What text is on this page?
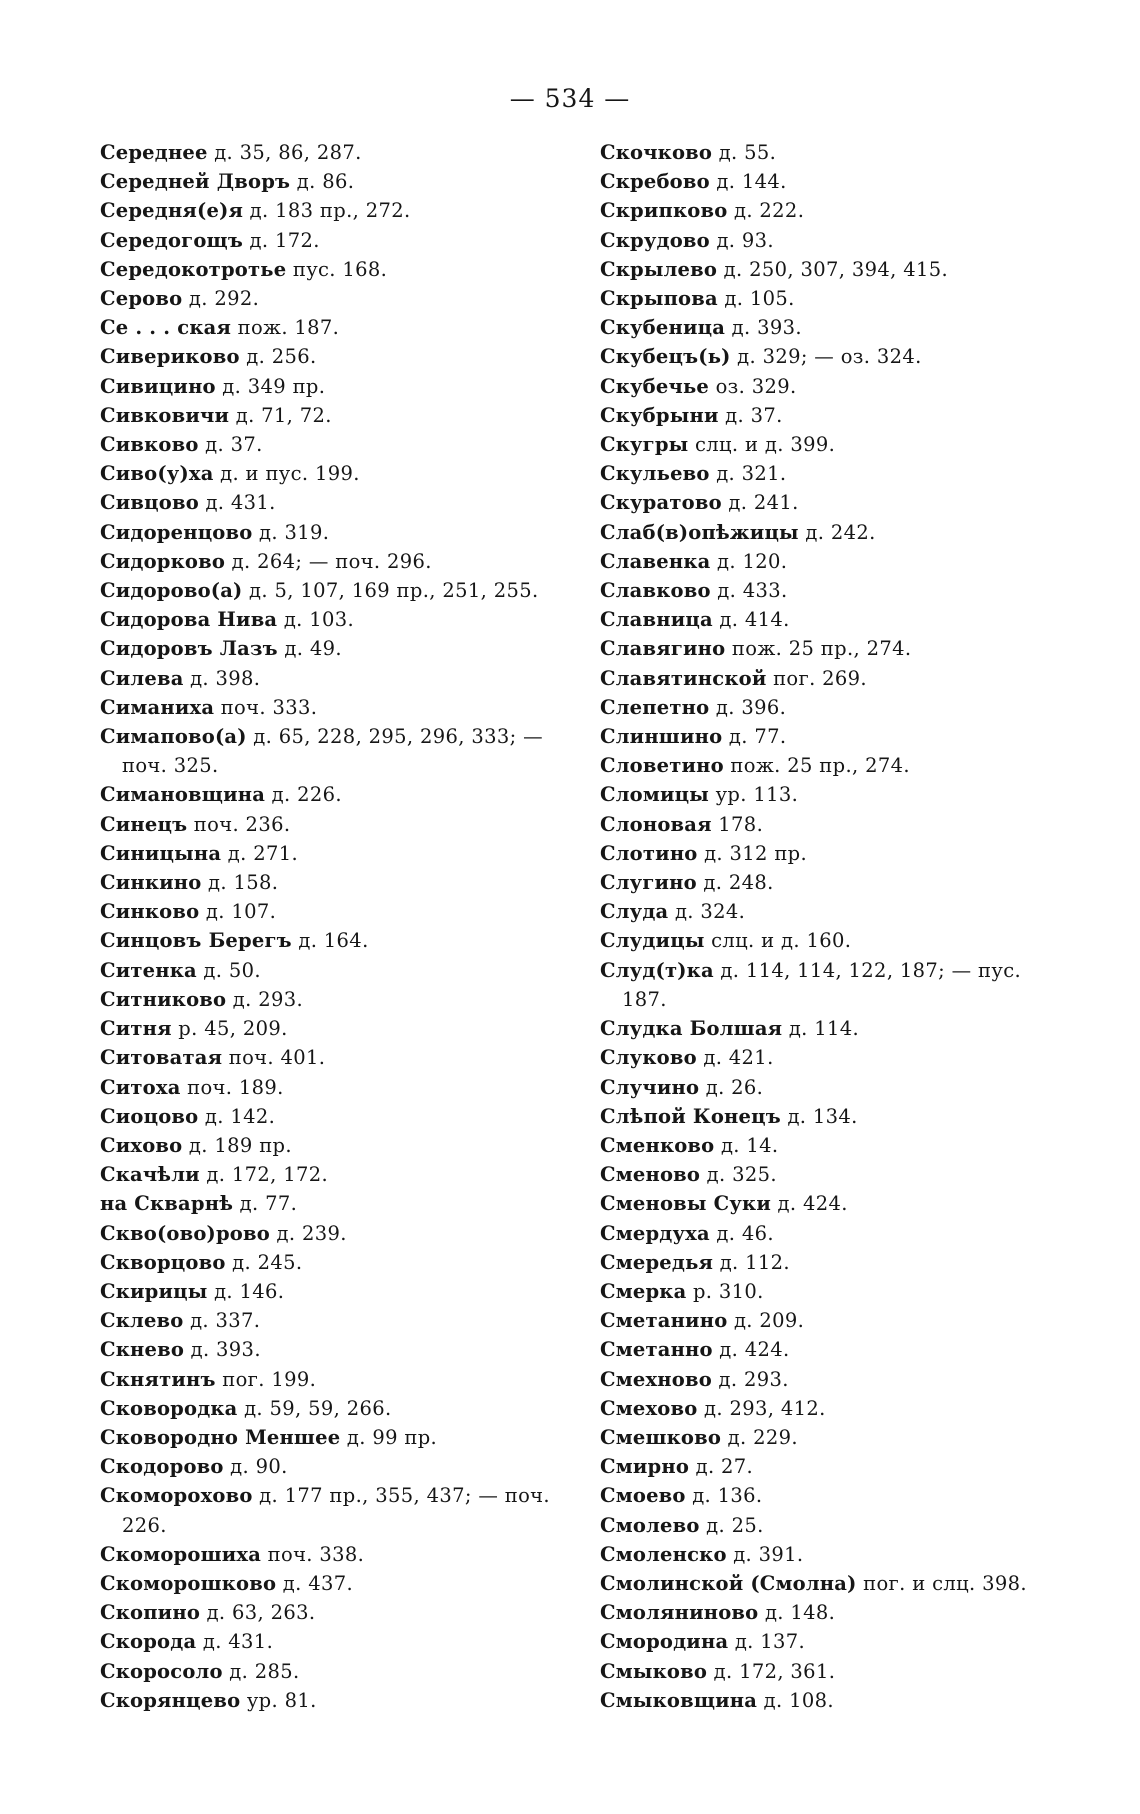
— 534 —
Середнее д. 35, 86, 287.
Середней Дворъ д. 86.
Середня(е)я д. 183 пр., 272.
Середогощъ д. 172.
Середокотротье пус. 168.
Серово д. 292.
Се . . . ская пож. 187.
Сивериково д. 256.
Сивицино д. 349 пр.
Сивковичи д. 71, 72.
Сивково д. 37.
Сиво(у)ха д. и пус. 199.
Сивцово д. 431.
Сидоренцово д. 319.
Сидорково д. 264; — поч. 296.
Сидорово(а) д. 5, 107, 169 пр., 251, 255.
Сидорова Нива д. 103.
Сидоровъ Лазъ д. 49.
Силева д. 398.
Симаниха поч. 333.
Симапово(а) д. 65, 228, 295, 296, 333; — поч. 325.
Симановщина д. 226.
Синецъ поч. 236.
Синицына д. 271.
Синкино д. 158.
Синково д. 107.
Синцовъ Берегъ д. 164.
Ситенка д. 50.
Ситниково д. 293.
Ситня р. 45, 209.
Ситоватая поч. 401.
Ситоха поч. 189.
Сиоцово д. 142.
Сихово д. 189 пр.
Скачѣли д. 172, 172.
на Скварнѣ д. 77.
Скво(ово)рово д. 239.
Скворцово д. 245.
Скирицы д. 146.
Склево д. 337.
Скнево д. 393.
Скнятинъ пог. 199.
Сковородка д. 59, 59, 266.
Сковородно Меншее д. 99 пр.
Скодорово д. 90.
Скоморохово д. 177 пр., 355, 437; — поч. 226.
Скоморошиха поч. 338.
Скоморошково д. 437.
Скопино д. 63, 263.
Скорода д. 431.
Скоросоло д. 285.
Скорянцево ур. 81.
Скочково д. 55.
Скребово д. 144.
Скрипково д. 222.
Скрудово д. 93.
Скрылево д. 250, 307, 394, 415.
Скрыпова д. 105.
Скубеница д. 393.
Скубецъ(ь) д. 329; — оз. 324.
Скубечье оз. 329.
Скубрыни д. 37.
Скугры слц. и д. 399.
Скульево д. 321.
Скуратово д. 241.
Слаб(в)опѣжицы д. 242.
Славенка д. 120.
Славково д. 433.
Славница д. 414.
Славягино пож. 25 пр., 274.
Славятинской пог. 269.
Слепетно д. 396.
Слиншино д. 77.
Словетино пож. 25 пр., 274.
Сломицы ур. 113.
Слоновая 178.
Слотино д. 312 пр.
Слугино д. 248.
Слуда д. 324.
Слудицы слц. и д. 160.
Слуд(т)ка д. 114, 114, 122, 187; — пус. 187.
Слудка Болшая д. 114.
Слуково д. 421.
Случино д. 26.
Слѣпой Конецъ д. 134.
Сменково д. 14.
Сменово д. 325.
Сменовы Суки д. 424.
Смердуха д. 46.
Смередья д. 112.
Смерка р. 310.
Сметанино д. 209.
Сметанно д. 424.
Смехново д. 293.
Смехово д. 293, 412.
Смешково д. 229.
Смирно д. 27.
Смоево д. 136.
Смолево д. 25.
Смоленско д. 391.
Смолинской (Смолна) пог. и слц. 398.
Смоляниново д. 148.
Смородина д. 137.
Смыково д. 172, 361.
Смыковщина д. 108.
